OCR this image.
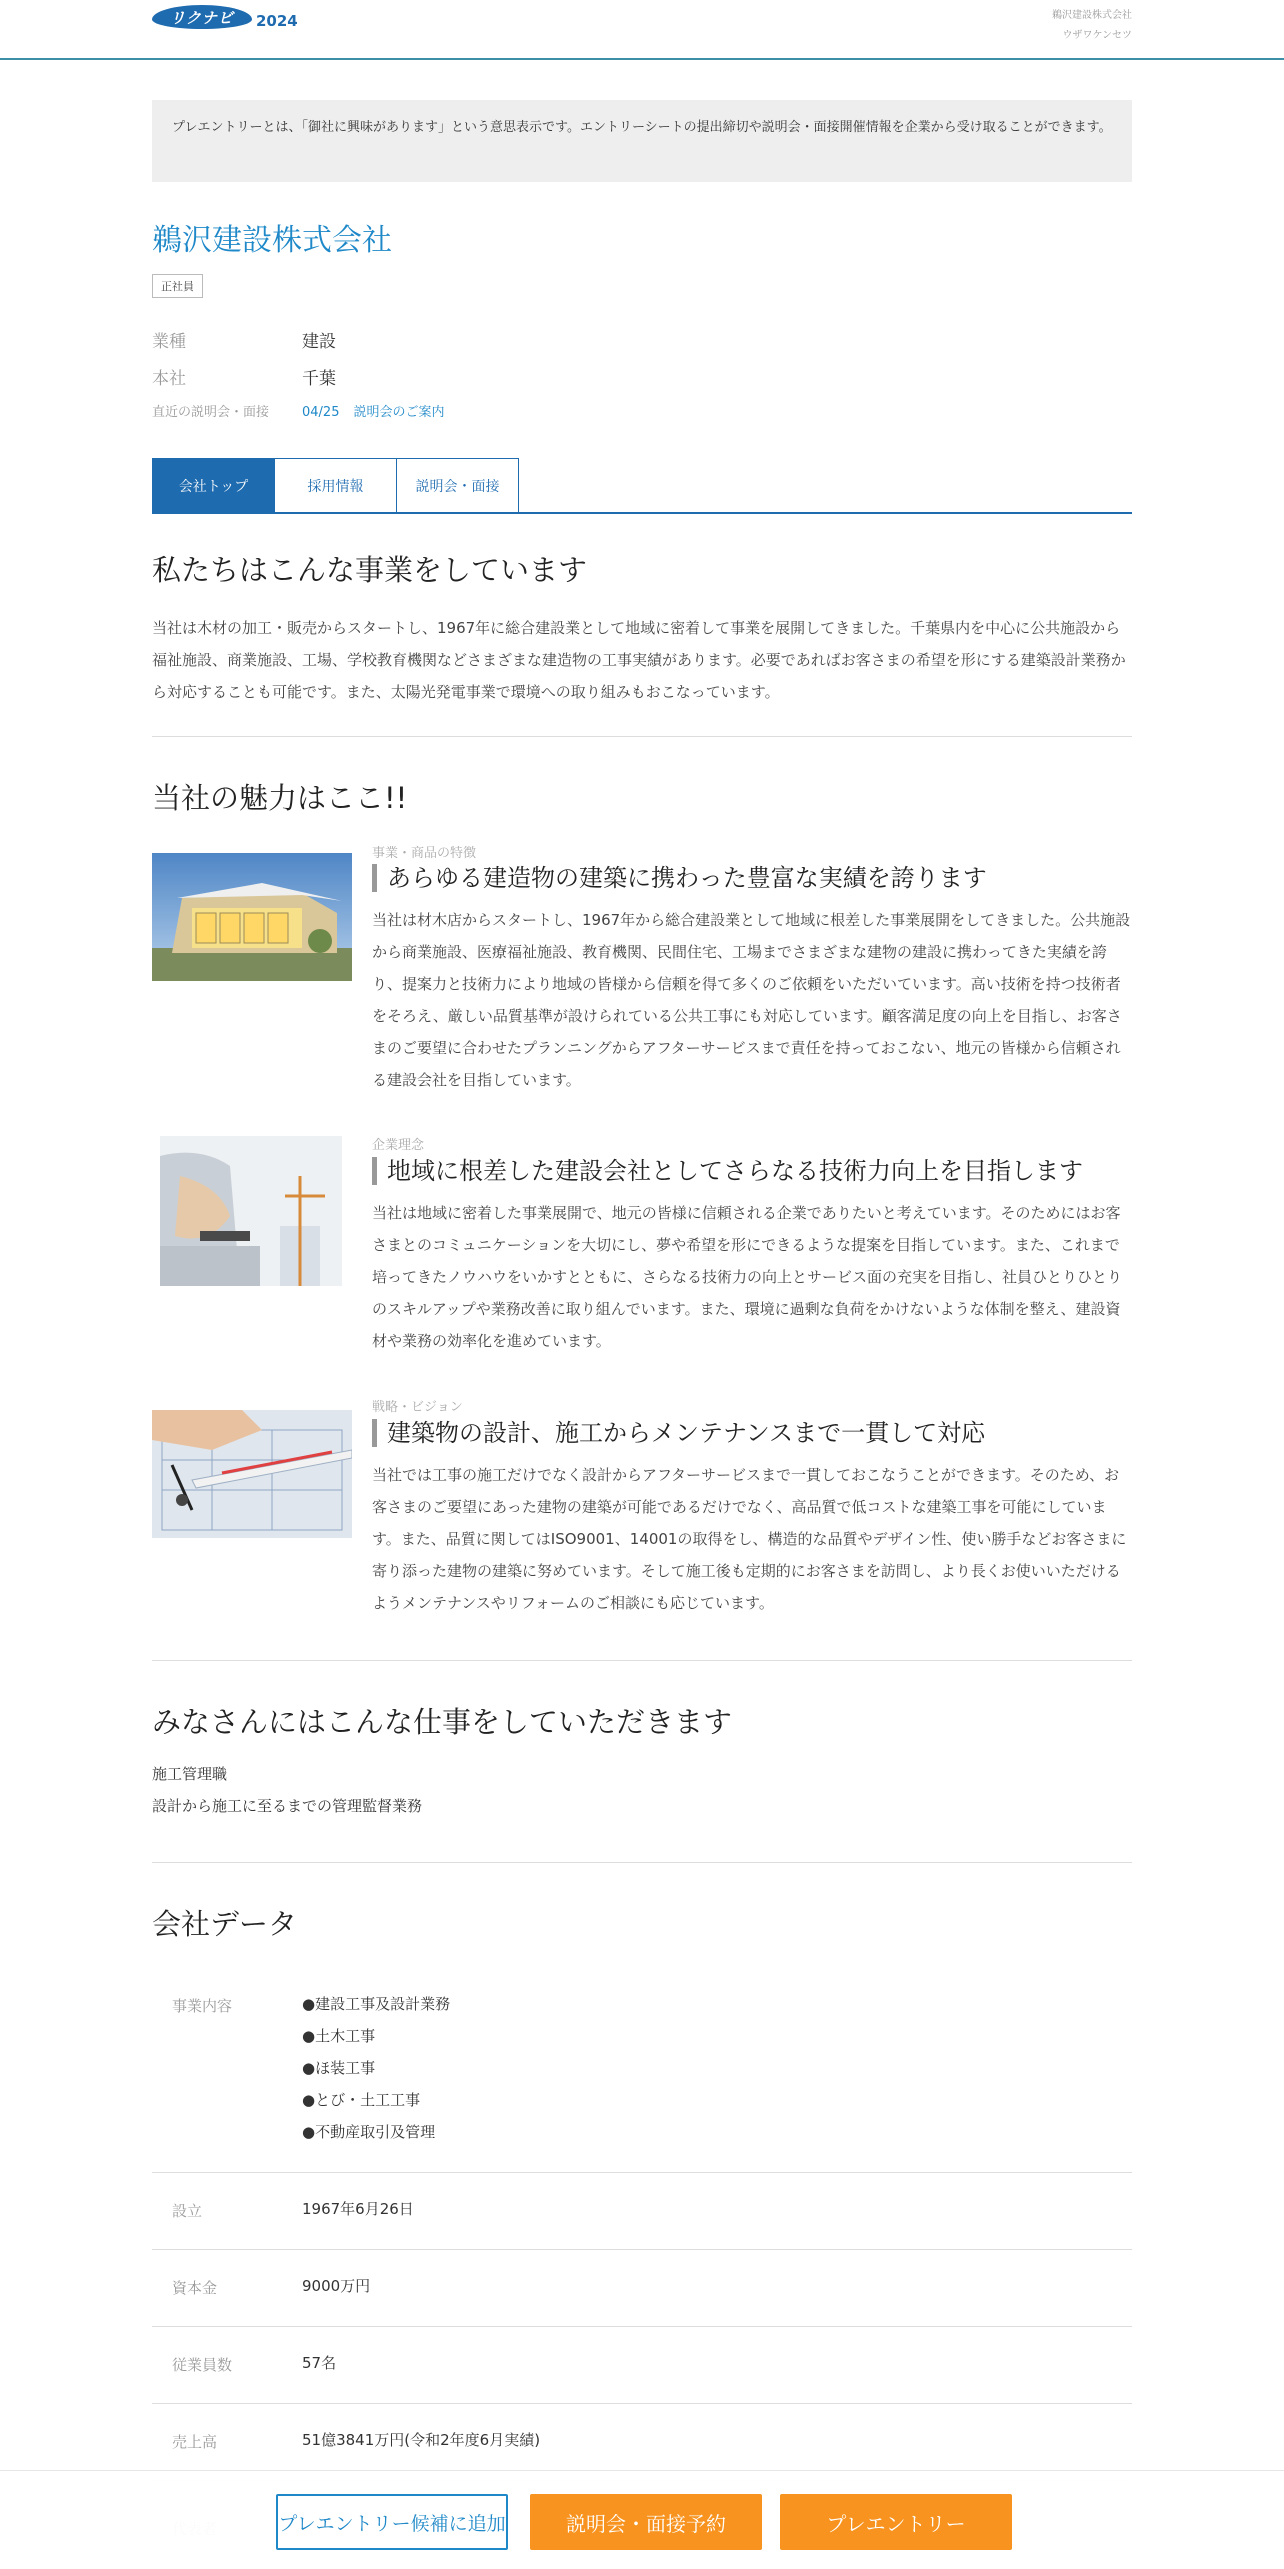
リクナビ	2024	鵜沢建設株式会社
ウザワケンセツ
プレエントリーとは、「御社に興味があります」という意思表示です。エントリーシートの提出締切や説明会・面接開催情報を企業から受け取ることができます。
鵜沢建設株式会社
正社員
業種	建設
本社	千葉
直近の説明会・面接	04/25 説明会のご案内
会社トップ	採用情報	説明会・面接
私たちはこんな事業をしています
当社は木材の加工・販売からスタートし、1967年に総合建設業として地域に密着して事業を展開してきました。千葉県内を中心に公共施設から福祉施設、商業施設、工場、学校教育機関などさまざまな建造物の工事実績があります。必要であればお客さまの希望を形にする建築設計業務から対応することも可能です。また、太陽光発電事業で環境への取り組みもおこなっています。
当社の魅力はここ!!
事業・商品の特徴
あらゆる建造物の建築に携わった豊富な実績を誇ります
当社は材木店からスタートし、1967年から総合建設業として地域に根差した事業展開をしてきました。公共施設から商業施設、医療福祉施設、教育機関、民間住宅、工場までさまざまな建物の建設に携わってきた実績を誇り、提案力と技術力により地域の皆様から信頼を得て多くのご依頼をいただいています。高い技術を持つ技術者をそろえ、厳しい品質基準が設けられている公共工事にも対応しています。顧客満足度の向上を目指し、お客さまのご要望に合わせたプランニングからアフターサービスまで責任を持っておこない、地元の皆様から信頼される建設会社を目指しています。
企業理念
地域に根差した建設会社としてさらなる技術力向上を目指します
当社は地域に密着した事業展開で、地元の皆様に信頼される企業でありたいと考えています。そのためにはお客さまとのコミュニケーションを大切にし、夢や希望を形にできるような提案を目指しています。また、これまで培ってきたノウハウをいかすとともに、さらなる技術力の向上とサービス面の充実を目指し、社員ひとりひとりのスキルアップや業務改善に取り組んでいます。また、環境に過剰な負荷をかけないような体制を整え、建設資材や業務の効率化を進めています。
戦略・ビジョン
建築物の設計、施工からメンテナンスまで一貫して対応
当社では工事の施工だけでなく設計からアフターサービスまで一貫しておこなうことができます。そのため、お客さまのご要望にあった建物の建築が可能であるだけでなく、高品質で低コストな建築工事を可能にしています。また、品質に関してはISO9001、14001の取得をし、構造的な品質やデザイン性、使い勝手などお客さまに寄り添った建物の建築に努めています。そして施工後も定期的にお客さまを訪問し、より長くお使いいただけるようメンテナンスやリフォームのご相談にも応じています。
みなさんにはこんな仕事をしていただきます
施工管理職
設計から施工に至るまでの管理監督業務
会社データ
事業内容	●建設工事及設計業務
●土木工事
●ほ装工事
●とび・土工工事
●不動産取引及管理
設立	1967年6月26日
資本金	9000万円
従業員数	57名
売上高	51億3841万円(令和2年度6月実績)
プレエントリー候補に追加	説明会・面接予約	プレエントリー
